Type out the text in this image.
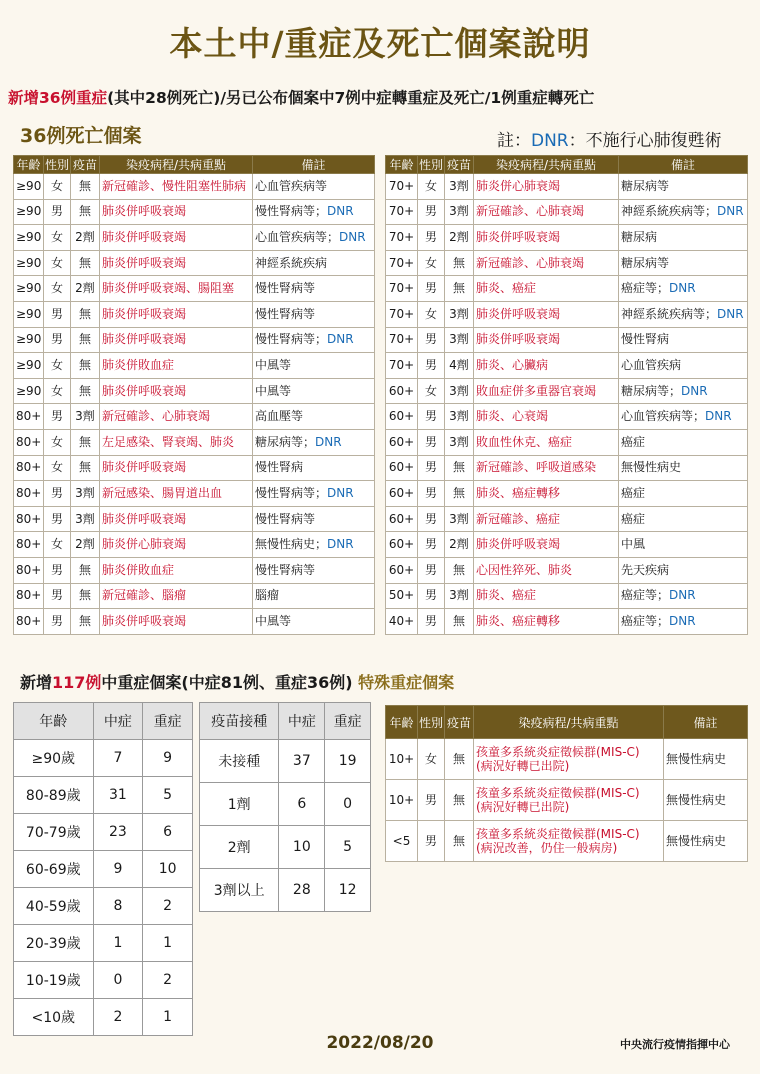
本土中/重症及死亡個案說明
新增36例重症(其中28例死亡)/另已公布個案中7例中症轉重症及死亡/1例重症轉死亡
36例死亡個案	註：DNR：不施行心肺復甦術
年齡	性別	疫苗	染疫病程/共病重點	備註
≥90	女	無	新冠確診、慢性阻塞性肺病	心血管疾病等
≥90	男	無	肺炎併呼吸衰竭	慢性腎病等；DNR
≥90	女	2劑	肺炎併呼吸衰竭	心血管疾病等；DNR
≥90	女	無	肺炎併呼吸衰竭	神經系統疾病
≥90	女	2劑	肺炎併呼吸衰竭、腸阻塞	慢性腎病等
≥90	男	無	肺炎併呼吸衰竭	慢性腎病等
≥90	男	無	肺炎併呼吸衰竭	慢性腎病等；DNR
≥90	女	無	肺炎併敗血症	中風等
≥90	女	無	肺炎併呼吸衰竭	中風等
80+	男	3劑	新冠確診、心肺衰竭	高血壓等
80+	女	無	左足感染、腎衰竭、肺炎	糖尿病等；DNR
80+	女	無	肺炎併呼吸衰竭	慢性腎病
80+	男	3劑	新冠感染、腸胃道出血	慢性腎病等；DNR
80+	男	3劑	肺炎併呼吸衰竭	慢性腎病等
80+	女	2劑	肺炎併心肺衰竭	無慢性病史；DNR
80+	男	無	肺炎併敗血症	慢性腎病等
80+	男	無	新冠確診、腦瘤	腦瘤
80+	男	無	肺炎併呼吸衰竭	中風等
年齡	性別	疫苗	染疫病程/共病重點	備註
70+	女	3劑	肺炎併心肺衰竭	糖尿病等
70+	男	3劑	新冠確診、心肺衰竭	神經系統疾病等；DNR
70+	男	2劑	肺炎併呼吸衰竭	糖尿病
70+	女	無	新冠確診、心肺衰竭	糖尿病等
70+	男	無	肺炎、癌症	癌症等；DNR
70+	女	3劑	肺炎併呼吸衰竭	神經系統疾病等；DNR
70+	男	3劑	肺炎併呼吸衰竭	慢性腎病
70+	男	4劑	肺炎、心臟病	心血管疾病
60+	女	3劑	敗血症併多重器官衰竭	糖尿病等；DNR
60+	男	3劑	肺炎、心衰竭	心血管疾病等；DNR
60+	男	3劑	敗血性休克、癌症	癌症
60+	男	無	新冠確診、呼吸道感染	無慢性病史
60+	男	無	肺炎、癌症轉移	癌症
60+	男	3劑	新冠確診、癌症	癌症
60+	男	2劑	肺炎併呼吸衰竭	中風
60+	男	無	心因性猝死、肺炎	先天疾病
50+	男	3劑	肺炎、癌症	癌症等；DNR
40+	男	無	肺炎、癌症轉移	癌症等；DNR
新增117例中重症個案(中症81例、重症36例) 特殊重症個案
年齡	中症	重症
≥90歲	7	9
80-89歲	31	5
70-79歲	23	6
60-69歲	9	10
40-59歲	8	2
20-39歲	1	1
10-19歲	0	2
<10歲	2	1
疫苗接種	中症	重症
未接種	37	19
1劑	6	0
2劑	10	5
3劑以上	28	12
年齡	性別	疫苗	染疫病程/共病重點	備註
10+	女	無	孩童多系統炎症徵候群(MIS-C)
(病況好轉已出院)	無慢性病史
10+	男	無	孩童多系統炎症徵候群(MIS-C)
(病況好轉已出院)	無慢性病史
<5	男	無	孩童多系統炎症徵候群(MIS-C)
(病況改善，仍住一般病房)	無慢性病史
2022/08/20	中央流行疫情指揮中心
